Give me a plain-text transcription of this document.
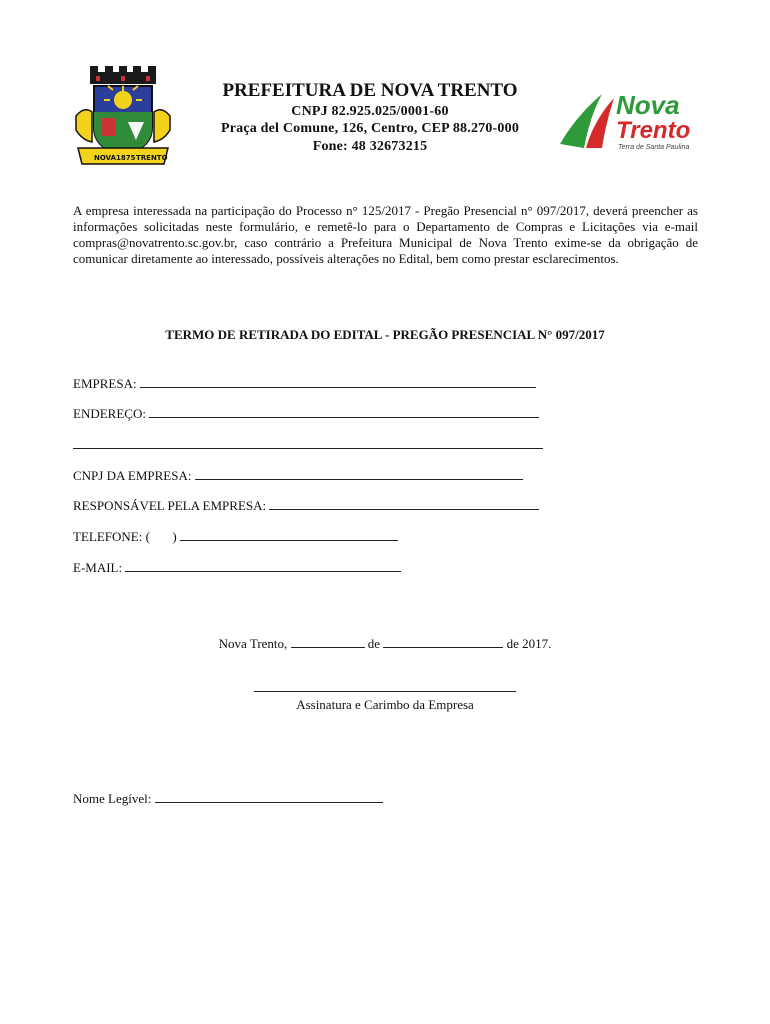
NOVA 1875 TRENTO
PREFEITURA DE NOVA TRENTO
CNPJ 82.925.025/0001-60
Praça del Comune, 126, Centro, CEP 88.270-000
Fone: 48 32673215
Nova
Trento
Terra de Santa Paulina
A empresa interessada na participação do Processo n° 125/2017 - Pregão Presencial n° 097/2017, deverá preencher as informações solicitadas neste formulário, e remetê-lo para o Departamento de Compras e Licitações via e-mail compras@novatrento.sc.gov.br, caso contrário a Prefeitura Municipal de Nova Trento exime-se da obrigação de comunicar diretamente ao interessado, possíveis alterações no Edital, bem como prestar esclarecimentos.
TERMO DE RETIRADA DO EDITAL - PREGÃO PRESENCIAL N° 097/2017
EMPRESA:
ENDEREÇO:
CNPJ DA EMPRESA:
RESPONSÁVEL PELA EMPRESA:
TELEFONE: ( )
E-MAIL:
Nova Trento,	de	de 2017.
Assinatura e Carimbo da Empresa
Nome Legível:
